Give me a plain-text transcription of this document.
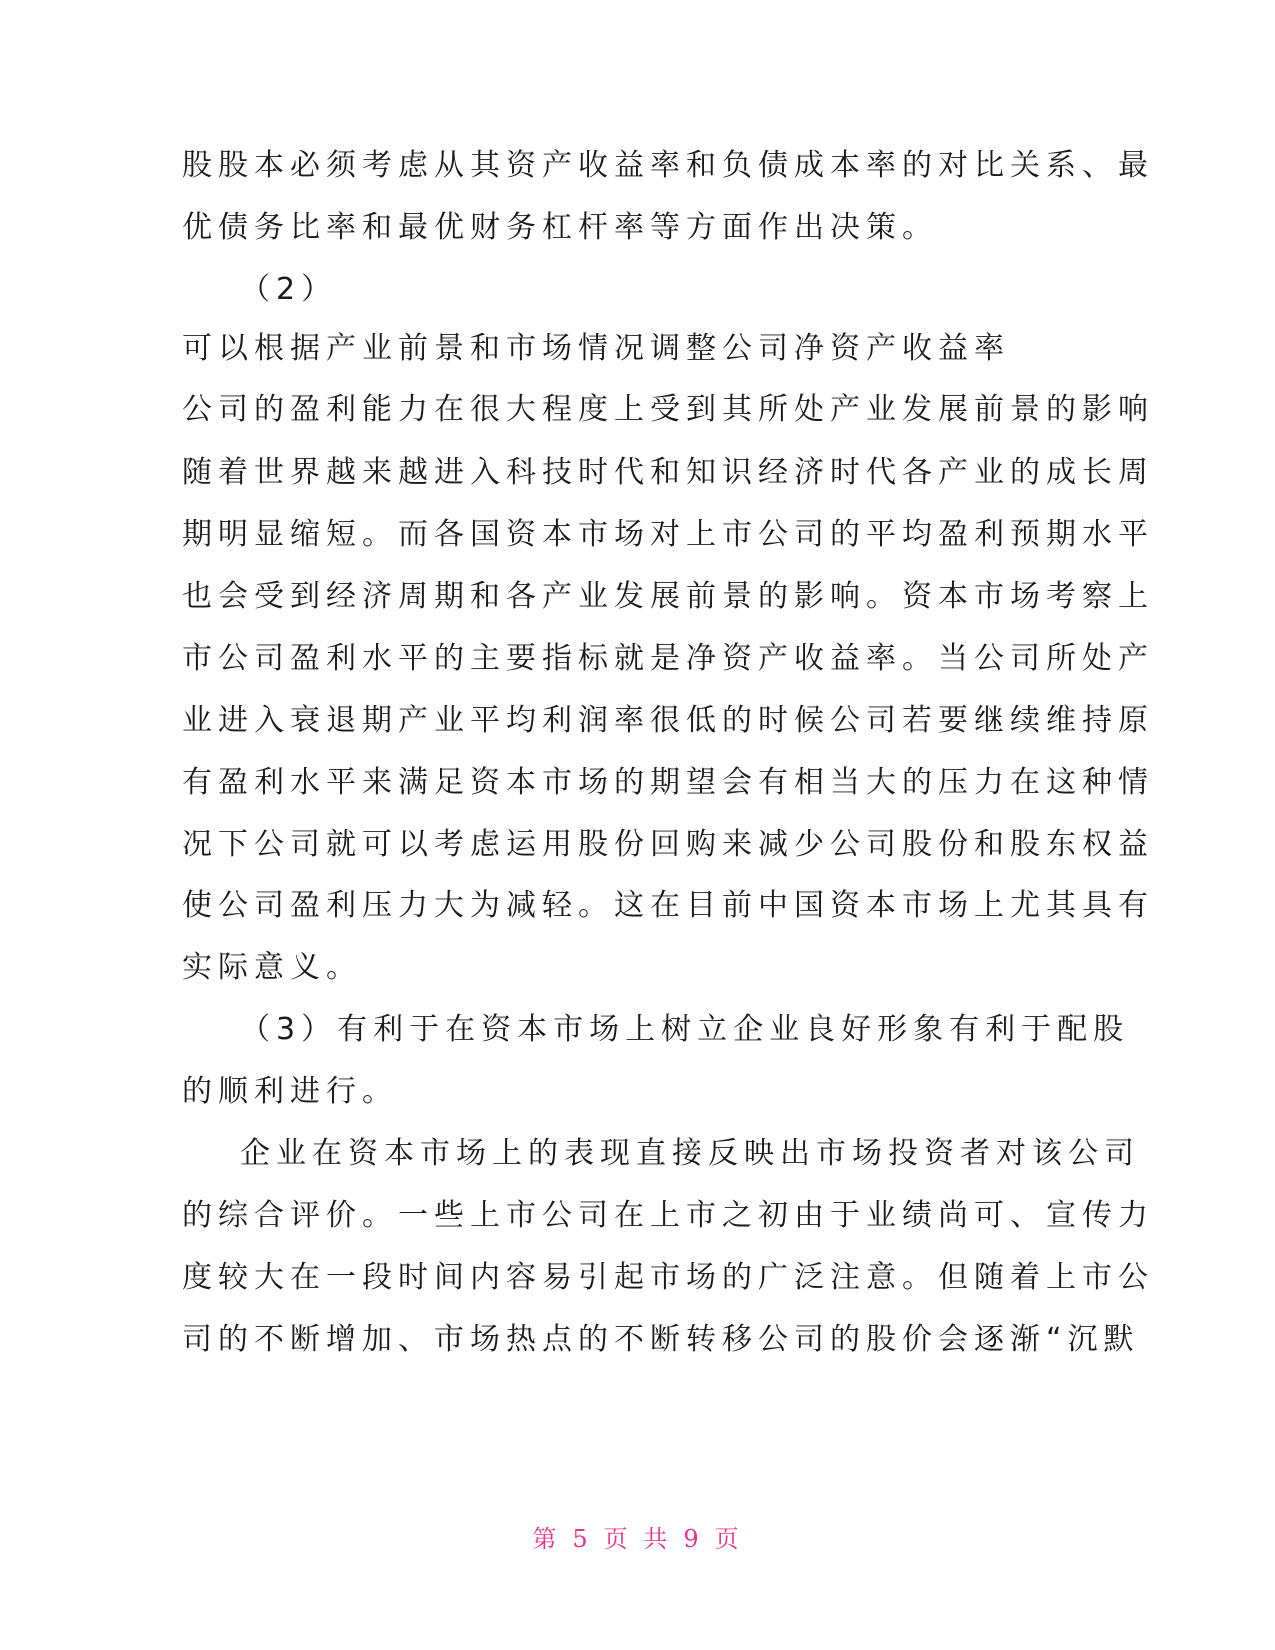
股股本必须考虑从其资产收益率和负债成本率的对比关系、最
优债务比率和最优财务杠杆率等方面作出决策。
（2）
可以根据产业前景和市场情况调整公司净资产收益率
公司的盈利能力在很大程度上受到其所处产业发展前景的影响
随着世界越来越进入科技时代和知识经济时代各产业的成长周
期明显缩短。而各国资本市场对上市公司的平均盈利预期水平
也会受到经济周期和各产业发展前景的影响。资本市场考察上
市公司盈利水平的主要指标就是净资产收益率。当公司所处产
业进入衰退期产业平均利润率很低的时候公司若要继续维持原
有盈利水平来满足资本市场的期望会有相当大的压力在这种情
况下公司就可以考虑运用股份回购来减少公司股份和股东权益
使公司盈利压力大为减轻。这在目前中国资本市场上尤其具有
实际意义。
（3）有利于在资本市场上树立企业良好形象有利于配股
的顺利进行。
企业在资本市场上的表现直接反映出市场投资者对该公司
的综合评价。一些上市公司在上市之初由于业绩尚可、宣传力
度较大在一段时间内容易引起市场的广泛注意。但随着上市公
司的不断增加、市场热点的不断转移公司的股价会逐渐“沉默
第 5 页 共 9 页
